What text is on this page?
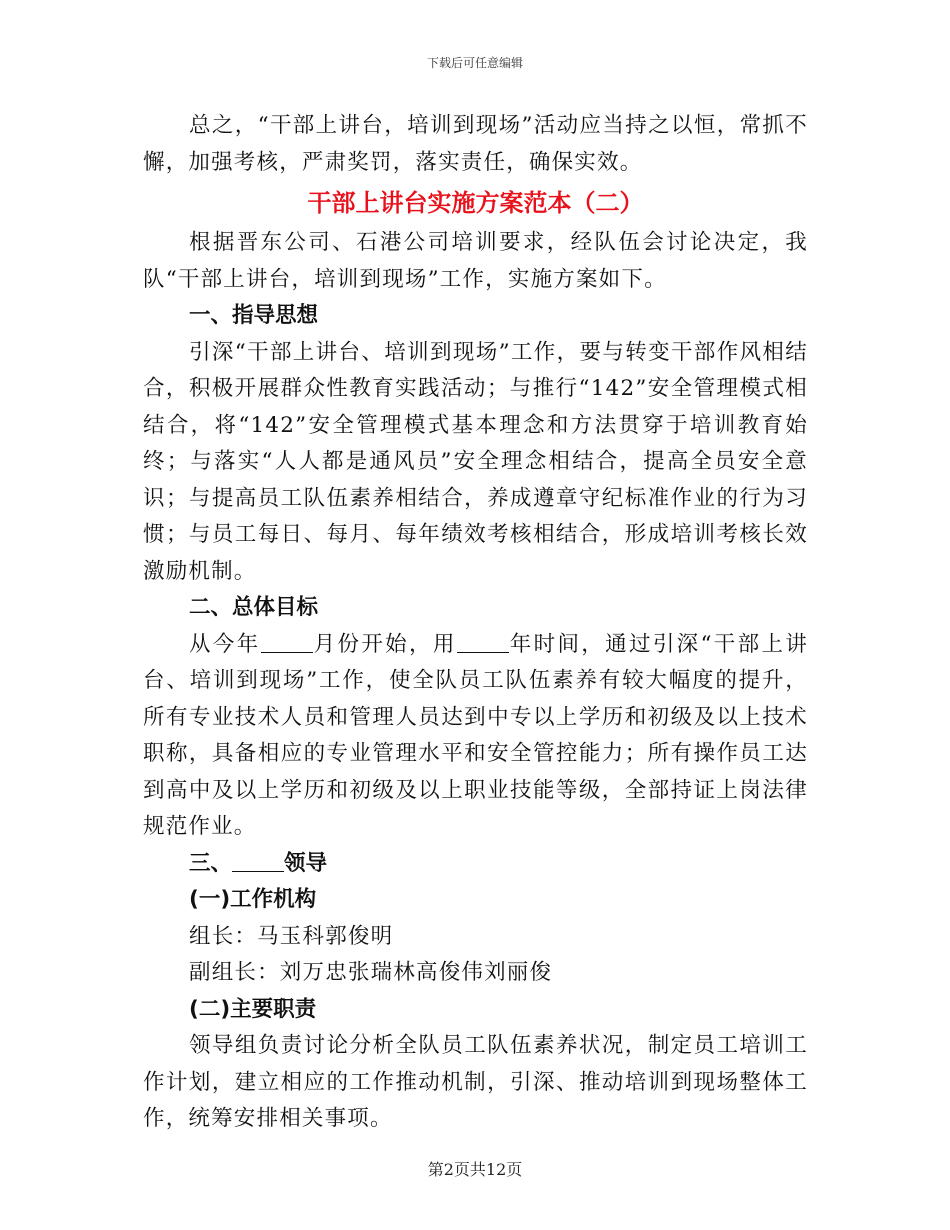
下载后可任意编辑

总之，“干部上讲台，培训到现场”活动应当持之以恒，常抓不懈，加强考核，严肃奖罚，落实责任，确保实效。

干部上讲台实施方案范本（二）

根据晋东公司、石港公司培训要求，经队伍会讨论决定，我队“干部上讲台，培训到现场”工作，实施方案如下。

一、指导思想

引深“干部上讲台、培训到现场”工作，要与转变干部作风相结合，积极开展群众性教育实践活动；与推行“142”安全管理模式相结合，将“142”安全管理模式基本理念和方法贯穿于培训教育始终；与落实“人人都是通风员”安全理念相结合，提高全员安全意识；与提高员工队伍素养相结合，养成遵章守纪标准作业的行为习惯；与员工每日、每月、每年绩效考核相结合，形成培训考核长效激励机制。

二、总体目标

从今年 月份开始，用 年时间，通过引深“干部上讲台、培训到现场”工作，使全队员工队伍素养有较大幅度的提升，所有专业技术人员和管理人员达到中专以上学历和初级及以上技术职称，具备相应的专业管理水平和安全管控能力；所有操作员工达到高中及以上学历和初级及以上职业技能等级，全部持证上岗法律规范作业。

三、 领导

(一)工作机构

组长：马玉科郭俊明

副组长：刘万忠张瑞林高俊伟刘丽俊

(二)主要职责

领导组负责讨论分析全队员工队伍素养状况，制定员工培训工作计划，建立相应的工作推动机制，引深、推动培训到现场整体工作，统筹安排相关事项。

第2页共12页
